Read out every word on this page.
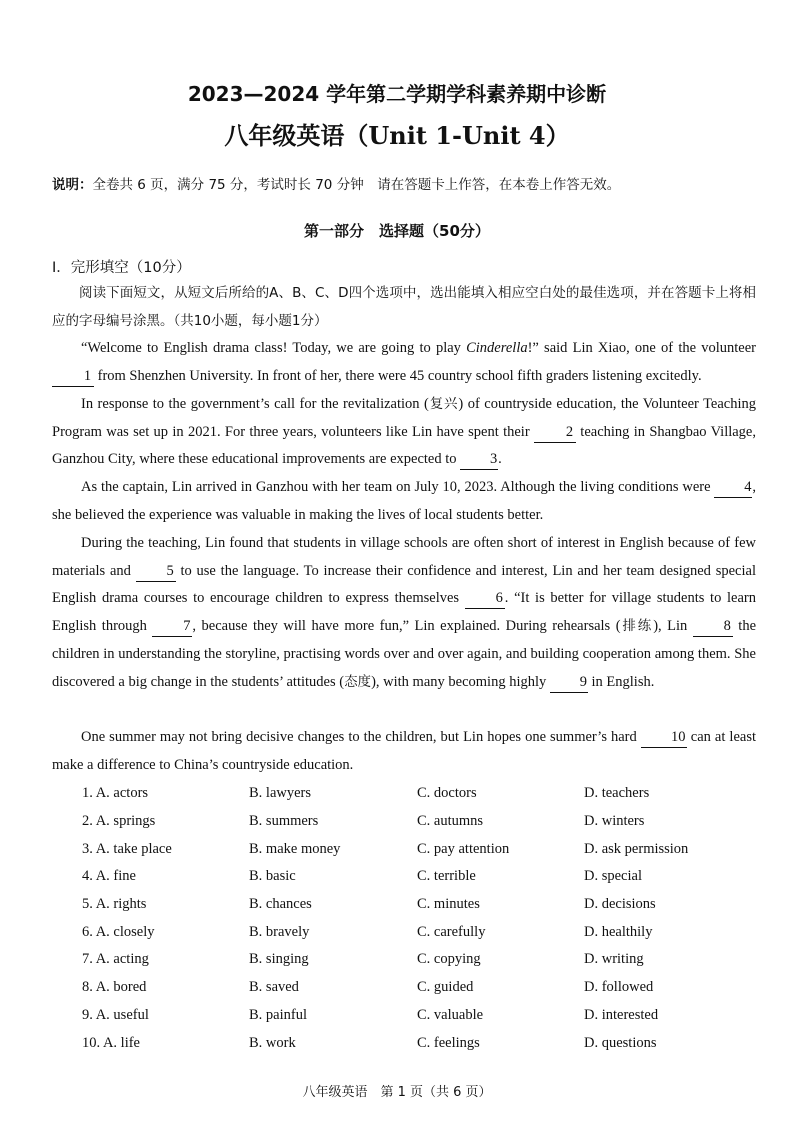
2023—2024 学年第二学期学科素养期中诊断
八年级英语（Unit 1-Unit 4）
说明：全卷共 6 页，满分 75 分，考试时长 70 分钟　请在答题卡上作答，在本卷上作答无效。
第一部分　选择题（50分）
Ⅰ．完形填空（10分）
阅读下面短文，从短文后所给的A、B、C、D四个选项中，选出能填入相应空白处的最佳选项，并在答题卡上将相应的字母编号涂黑。（共10小题，每小题1分）
“Welcome to English drama class! Today, we are going to play Cinderella!” said Lin Xiao, one of the volunteer 1 from Shenzhen University. In front of her, there were 45 country school fifth graders listening excitedly.
In response to the government’s call for the revitalization (复兴) of countryside education, the Volunteer Teaching Program was set up in 2021. For three years, volunteers like Lin have spent their 2 teaching in Shangbao Village, Ganzhou City, where these educational improvements are expected to 3.
As the captain, Lin arrived in Ganzhou with her team on July 10, 2023. Although the living conditions were 4, she believed the experience was valuable in making the lives of local students better.
During the teaching, Lin found that students in village schools are often short of interest in English because of few materials and 5 to use the language. To increase their confidence and interest, Lin and her team designed special English drama courses to encourage children to express themselves 6 . “It is better for village students to learn English through 7 , because they will have more fun,” Lin explained. During rehearsals (排练), Lin 8 the children in understanding the storyline, practising words over and over again, and building cooperation among them. She discovered a big change in the students’ attitudes (态度), with many becoming highly 9 in English.
One summer may not bring decisive changes to the children, but Lin hopes one summer’s hard 10 can at least make a difference to China’s countryside education.
1. A. actors	B. lawyers	C. doctors	D. teachers
2. A. springs	B. summers	C. autumns	D. winters
3. A. take place	B. make money	C. pay attention	D. ask permission
4. A. fine	B. basic	C. terrible	D. special
5. A. rights	B. chances	C. minutes	D. decisions
6. A. closely	B. bravely	C. carefully	D. healthily
7. A. acting	B. singing	C. copying	D. writing
8. A. bored	B. saved	C. guided	D. followed
9. A. useful	B. painful	C. valuable	D. interested
10. A. life	B. work	C. feelings	D. questions
八年级英语　第 1 页（共 6 页）
